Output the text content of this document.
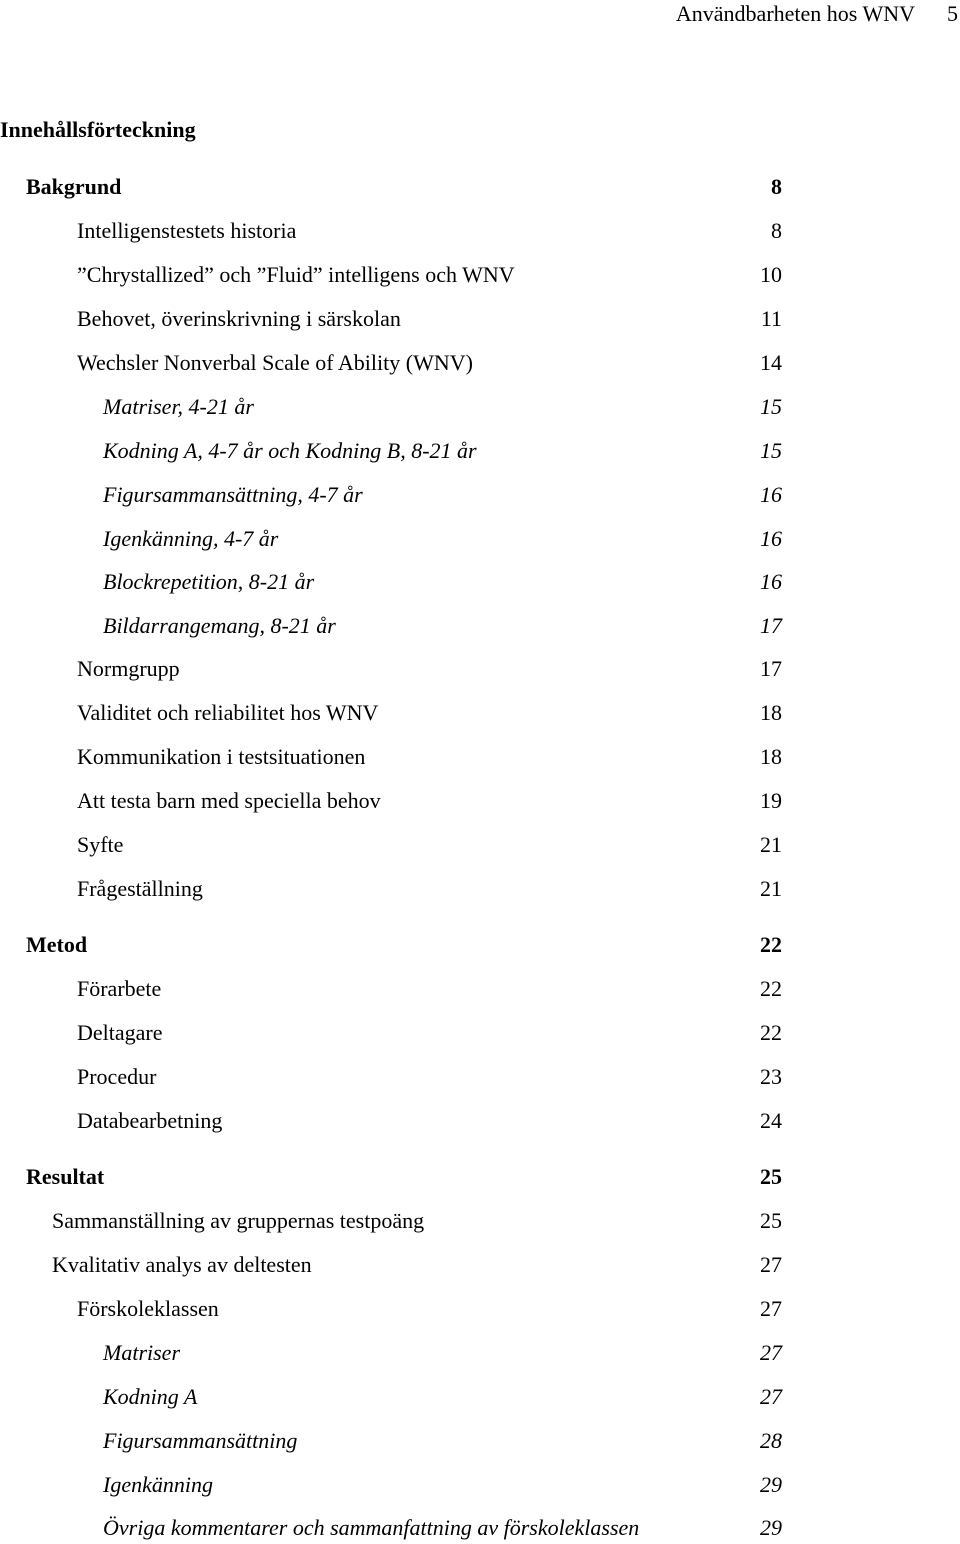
Användbarheten hos WNV 5
Innehållsförteckning
Bakgrund	8
Intelligenstestets historia	8
”Chrystallized” och ”Fluid” intelligens och WNV	10
Behovet, överinskrivning i särskolan	11
Wechsler Nonverbal Scale of Ability (WNV)	14
Matriser, 4-21 år	15
Kodning A, 4-7 år och Kodning B, 8-21 år	15
Figursammansättning, 4-7 år	16
Igenkänning, 4-7 år	16
Blockrepetition, 8-21 år	16
Bildarrangemang, 8-21 år	17
Normgrupp	17
Validitet och reliabilitet hos WNV	18
Kommunikation i testsituationen	18
Att testa barn med speciella behov	19
Syfte	21
Frågeställning	21
Metod	22
Förarbete	22
Deltagare	22
Procedur	23
Databearbetning	24
Resultat	25
Sammanställning av gruppernas testpoäng	25
Kvalitativ analys av deltesten	27
Förskoleklassen	27
Matriser	27
Kodning A	27
Figursammansättning	28
Igenkänning	29
Övriga kommentarer och sammanfattning av förskoleklassen	29
